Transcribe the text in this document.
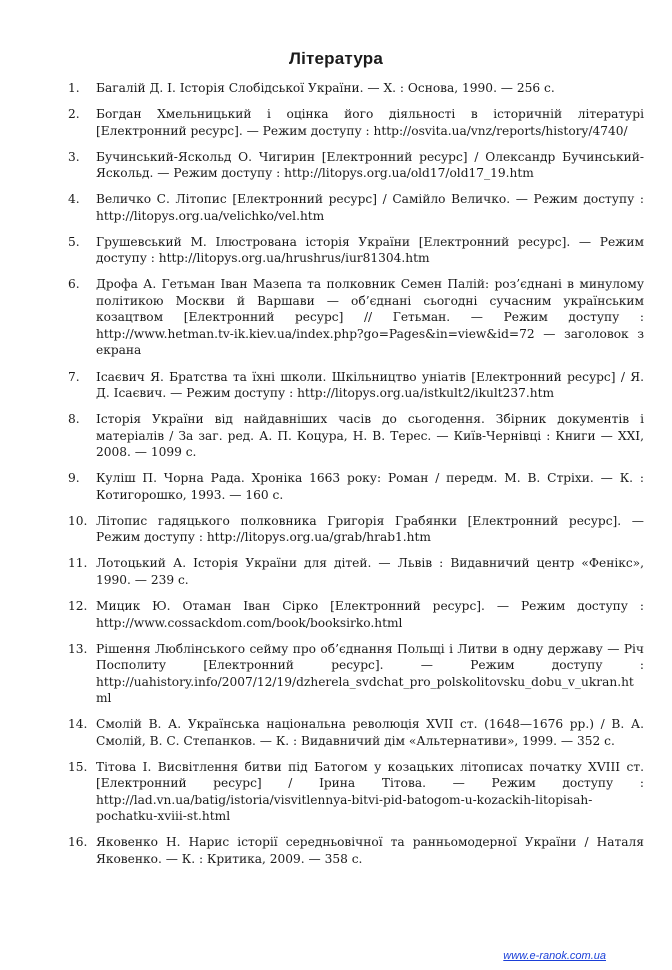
Література
1. Багалій Д. І. Історія Слобідської України. — Х. : Основа, 1990. — 256 с.
2. Богдан Хмельницький і оцінка його діяльності в історичній літературі [Електронний ресурс]. — Режим доступу : http://osvita.ua/vnz/reports/history/4740/
3. Бучинський-Яскольд О. Чигирин [Електронний ресурс] / Олександр Бучинський-Яскольд. — Режим доступу : http://litopys.org.ua/old17/old17_19.htm
4. Величко С. Літопис [Електронний ресурс] / Самійло Величко. — Режим доступу : http://litopys.org.ua/velichko/vel.htm
5. Грушевський М. Ілюстрована історія України [Електронний ресурс]. — Режим доступу : http://litopys.org.ua/hrushrus/iur81304.htm
6. Дрофа А. Гетьман Іван Мазепа та полковник Семен Палій: роз’єднані в минулому політикою Москви й Варшави — об’єднані сьогодні сучасним українським козацтвом [Електронний ресурс] // Гетьман. — Режим доступу : http://www.hetman.tv-ik.kiev.ua/index.php?go=Pages&in=view&id=72 — заголовок з екрана
7. Ісаєвич Я. Братства та їхні школи. Шкільництво уніатів [Електронний ресурс] / Я. Д. Ісаєвич. — Режим доступу : http://litopys.org.ua/istkult2/ikult237.htm
8. Історія України від найдавніших часів до сьогодення. Збірник документів і матеріалів / За заг. ред. А. П. Коцура, Н. В. Терес. — Київ-Чернівці : Книги — XXI, 2008. — 1099 с.
9. Куліш П. Чорна Рада. Хроніка 1663 року: Роман / передм. М. В. Стріхи. — К. : Котигорошко, 1993. — 160 с.
10. Літопис гадяцького полковника Григорія Грабянки [Електронний ресурс]. — Режим доступу : http://litopys.org.ua/grab/hrab1.htm
11. Лотоцький А. Історія України для дітей. — Львів : Видавничий центр «Фенікс», 1990. — 239 с.
12. Мицик Ю. Отаман Іван Сірко [Електронний ресурс]. — Режим доступу : http://www.cossackdom.com/book/booksirko.html
13. Рішення Люблінського сейму про об’єднання Польщі і Литви в одну державу — Річ Посполиту [Електронний ресурс]. — Режим доступу : http://uahistory.info/2007/12/19/dzherela_svdchat_pro_polskolitovsku_dobu_v_ukran.html
14. Смолій В. А. Українська національна революція XVII ст. (1648—1676 рр.) / В. А. Смолій, В. С. Степанков. — К. : Видавничий дім «Альтернативи», 1999. — 352 с.
15. Тітова І. Висвітлення битви під Батогом у козацьких літописах початку XVIII ст. [Електронний ресурс] / Ірина Тітова. — Режим доступу : http://lad.vn.ua/batig/istoria/visvitlennya-bitvi-pid-batogom-u-kozackih-litopisah-pochatku-xviii-st.html
16. Яковенко Н. Нарис історії середньовічної та ранньомодерної України / Наталя Яковенко. — К. : Критика, 2009. — 358 с.
www.e-ranok.com.ua
